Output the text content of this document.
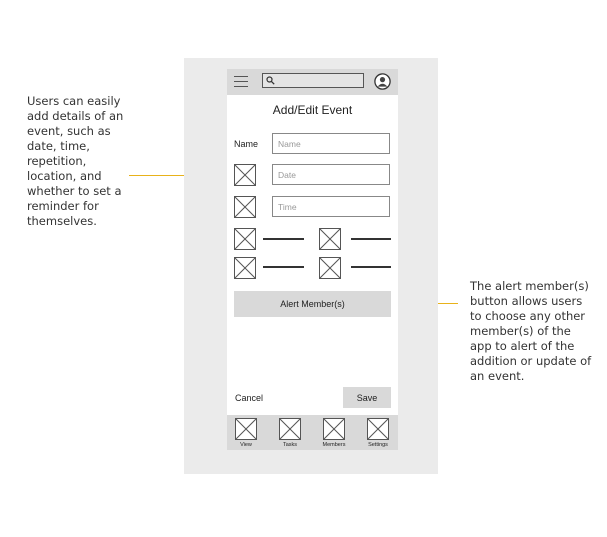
Users can easily add details of an event, such as date, time, repetition, location, and whether to set a reminder for themselves.
The alert member(s) button allows users to choose any other member(s) of the app to alert of the addition or update of an event.
Add/Edit Event
Name
Name
Date
Time
Alert Member(s)
Cancel	Save
View	Tasks	Members	Settings
